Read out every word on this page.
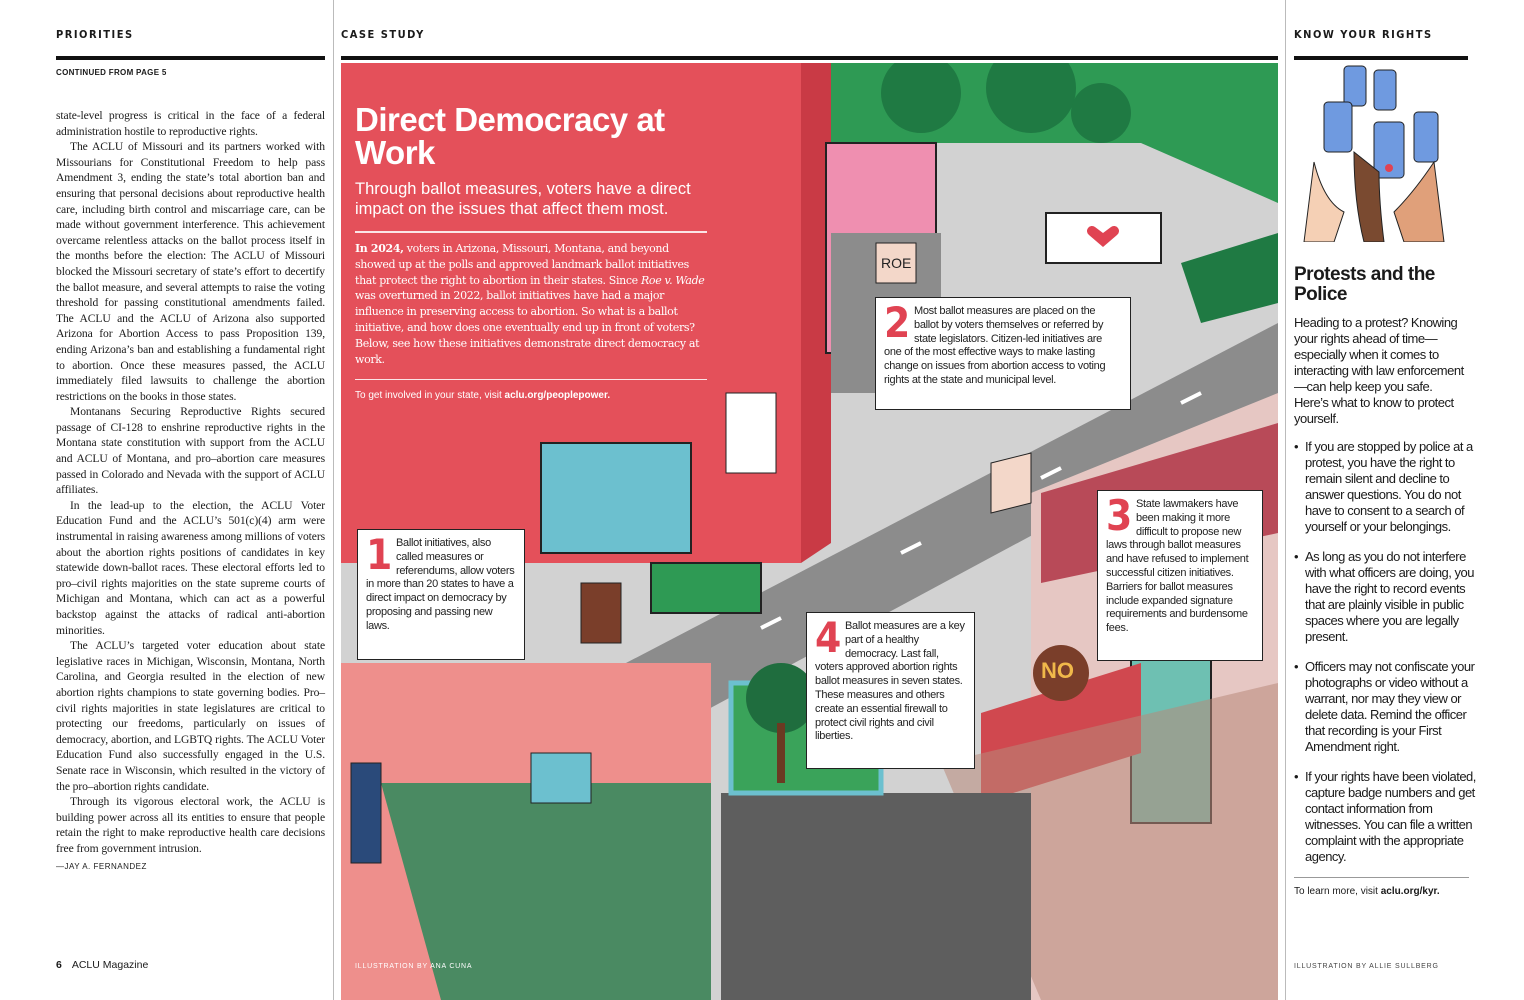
PRIORITIES
CONTINUED FROM PAGE 5

state-level progress is critical in the face of a federal administration hostile to reproductive rights.

The ACLU of Missouri and its partners worked with Missourians for Constitutional Freedom to help pass Amendment 3, ending the state’s total abortion ban and ensuring that personal decisions about reproductive health care, including birth control and miscarriage care, can be made without government interference. This achievement overcame relentless attacks on the ballot process itself in the months before the election: The ACLU of Missouri blocked the Missouri secretary of state’s effort to decertify the ballot measure, and several attempts to raise the voting threshold for passing constitutional amendments failed. The ACLU and the ACLU of Arizona also supported Arizona for Abortion Access to pass Proposition 139, ending Arizona’s ban and establishing a fundamental right to abortion. Once these measures passed, the ACLU immediately filed lawsuits to challenge the abortion restrictions on the books in those states.

Montanans Securing Reproductive Rights secured passage of CI-128 to enshrine reproductive rights in the Montana state constitution with support from the ACLU and ACLU of Montana, and pro–abortion care measures passed in Colorado and Nevada with the support of ACLU affiliates.

In the lead-up to the election, the ACLU Voter Education Fund and the ACLU’s 501(c)(4) arm were instrumental in raising awareness among millions of voters about the abortion rights positions of candidates in key statewide down-ballot races. These electoral efforts led to pro–civil rights majorities on the state supreme courts of Michigan and Montana, which can act as a powerful backstop against the attacks of radical anti-abortion minorities.

The ACLU’s targeted voter education about state legislative races in Michigan, Wisconsin, Montana, North Carolina, and Georgia resulted in the election of new abortion rights champions to state governing bodies. Pro–civil rights majorities in state legislatures are critical to protecting our freedoms, particularly on issues of democracy, abortion, and LGBTQ rights. The ACLU Voter Education Fund also successfully engaged in the U.S. Senate race in Wisconsin, which resulted in the victory of the pro–abortion rights candidate.

Through its vigorous electoral work, the ACLU is building power across all its entities to ensure that people retain the right to make reproductive health care decisions free from government intrusion.

—JAY A. FERNANDEZ
6 ACLU Magazine
CASE STUDY
ROE
NO
Direct Democracy at Work
Through ballot measures, voters have a direct impact on the issues that affect them most.

In 2024, voters in Arizona, Missouri, Montana, and beyond showed up at the polls and approved landmark ballot initiatives that protect the right to abortion in their states. Since Roe v. Wade was overturned in 2022, ballot initiatives have had a major influence in preserving access to abortion. So what is a ballot initiative, and how does one eventually end up in front of voters? Below, see how these initiatives demonstrate direct democracy at work.

To get involved in your state, visit aclu.org/peoplepower.

1 Ballot initiatives, also called measures or referendums, allow voters in more than 20 states to have a direct impact on democracy by proposing and passing new laws.
2 Most ballot measures are placed on the ballot by voters themselves or referred by state legislators. Citizen-led initiatives are one of the most effective ways to make lasting change on issues from abortion access to voting rights at the state and municipal level.
3 State lawmakers have been making it more difficult to propose new laws through ballot measures and have refused to implement successful citizen initiatives. Barriers for ballot measures include expanded signature requirements and burdensome fees.
4 Ballot measures are a key part of a healthy democracy. Last fall, voters approved abortion rights ballot measures in seven states. These measures and others create an essential firewall to protect civil rights and civil liberties.
ILLUSTRATION BY ANA CUNA
KNOW YOUR RIGHTS
Protests and the Police

Heading to a protest? Knowing your rights ahead of time—especially when it comes to interacting with law enforcement—can help keep you safe. Here’s what to know to protect yourself.

• If you are stopped by police at a protest, you have the right to remain silent and decline to answer questions. You do not have to consent to a search of yourself or your belongings.
• As long as you do not interfere with what officers are doing, you have the right to record events that are plainly visible in public spaces where you are legally present.
• Officers may not confiscate your photographs or video without a warrant, nor may they view or delete data. Remind the officer that recording is your First Amendment right.
• If your rights have been violated, capture badge numbers and get contact information from witnesses. You can file a written complaint with the appropriate agency.

To learn more, visit aclu.org/kyr.

ILLUSTRATION BY ALLIE SULLBERG
